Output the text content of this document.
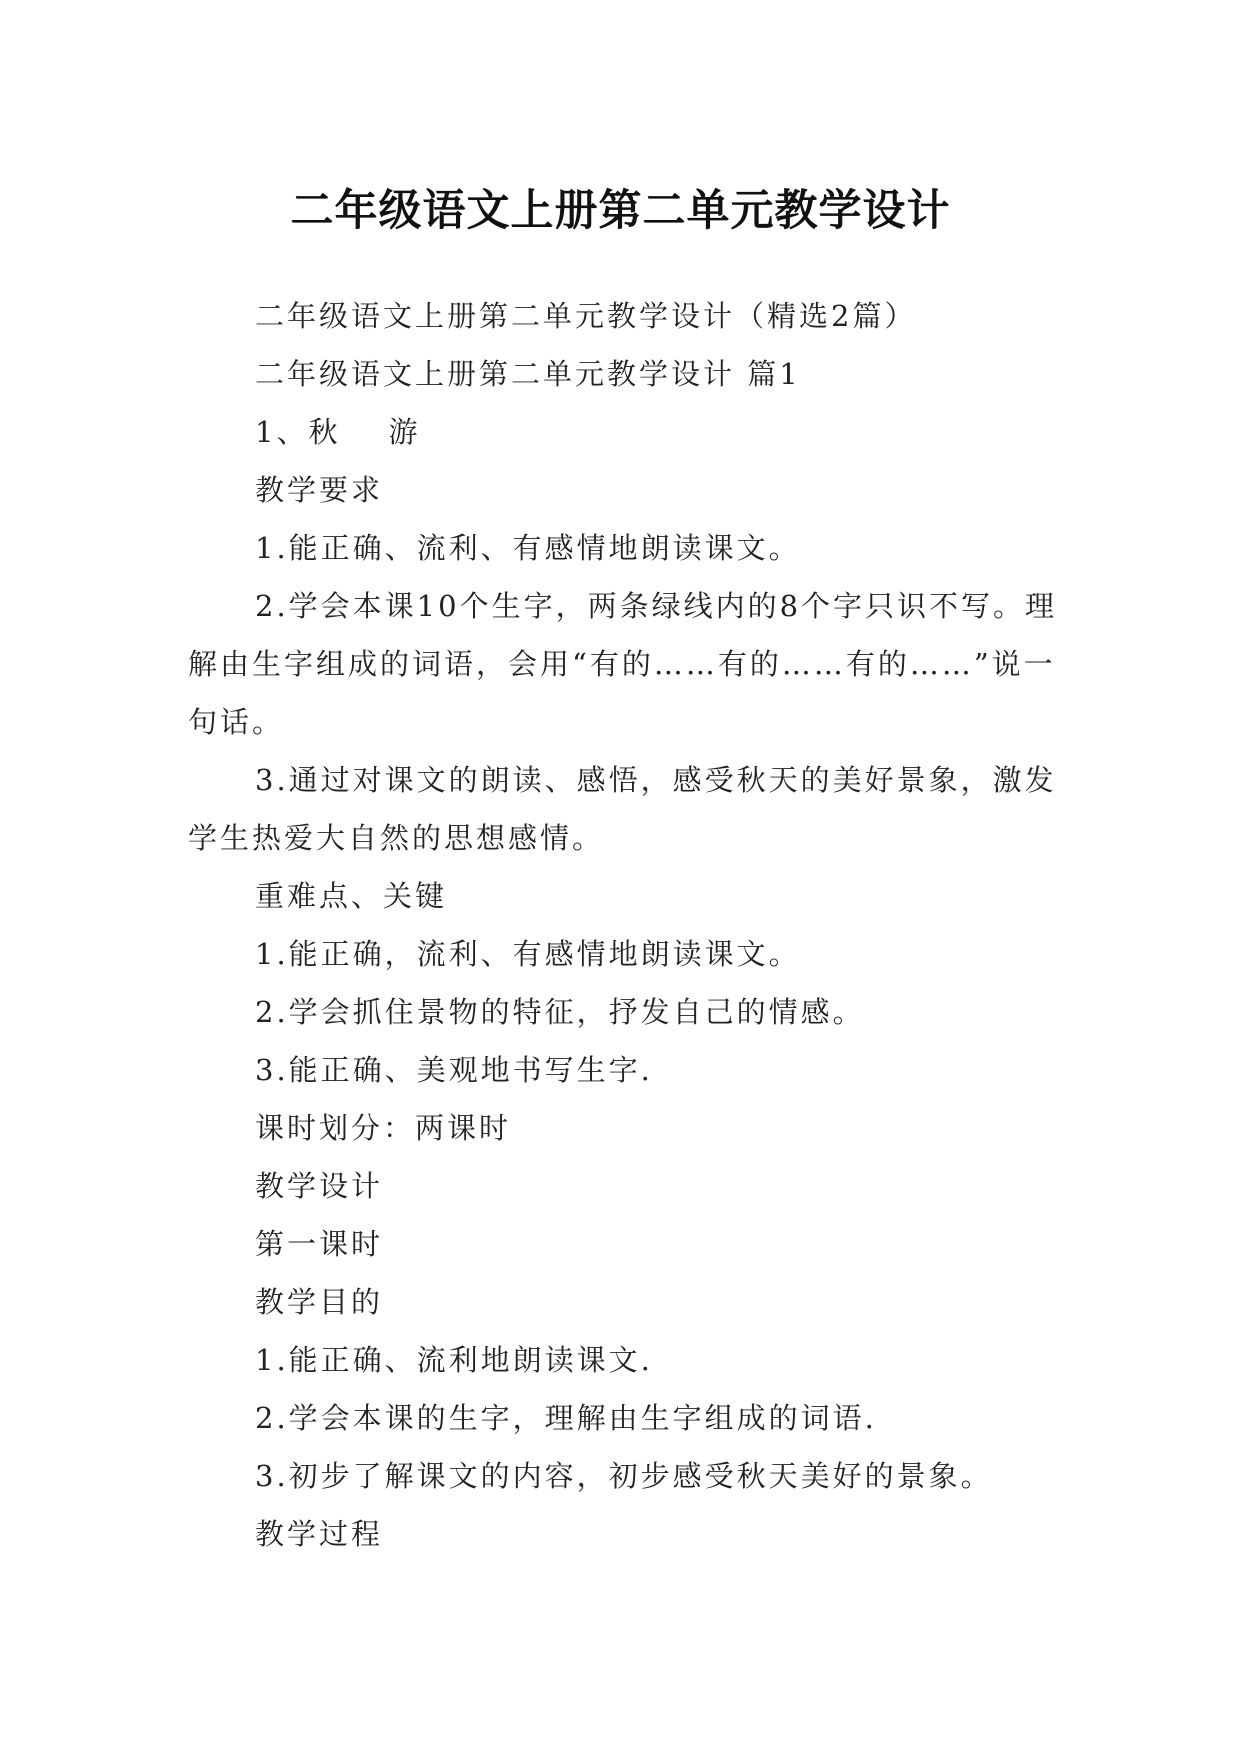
二年级语文上册第二单元教学设计

二年级语文上册第二单元教学设计（精选2篇）

二年级语文上册第二单元教学设计 篇1

1、秋 游

教学要求

1.能正确、流利、有感情地朗读课文。

2.学会本课10个生字，两条绿线内的8个字只识不写。理解由生字组成的词语，会用“有的……有的……有的……”说一句话。

3.通过对课文的朗读、感悟，感受秋天的美好景象，激发学生热爱大自然的思想感情。

重难点、关键

1.能正确，流利、有感情地朗读课文。

2.学会抓住景物的特征，抒发自己的情感。

3.能正确、美观地书写生字.

课时划分：两课时

教学设计

第一课时

教学目的

1.能正确、流利地朗读课文.

2.学会本课的生字，理解由生字组成的词语.

3.初步了解课文的内容，初步感受秋天美好的景象。

教学过程
